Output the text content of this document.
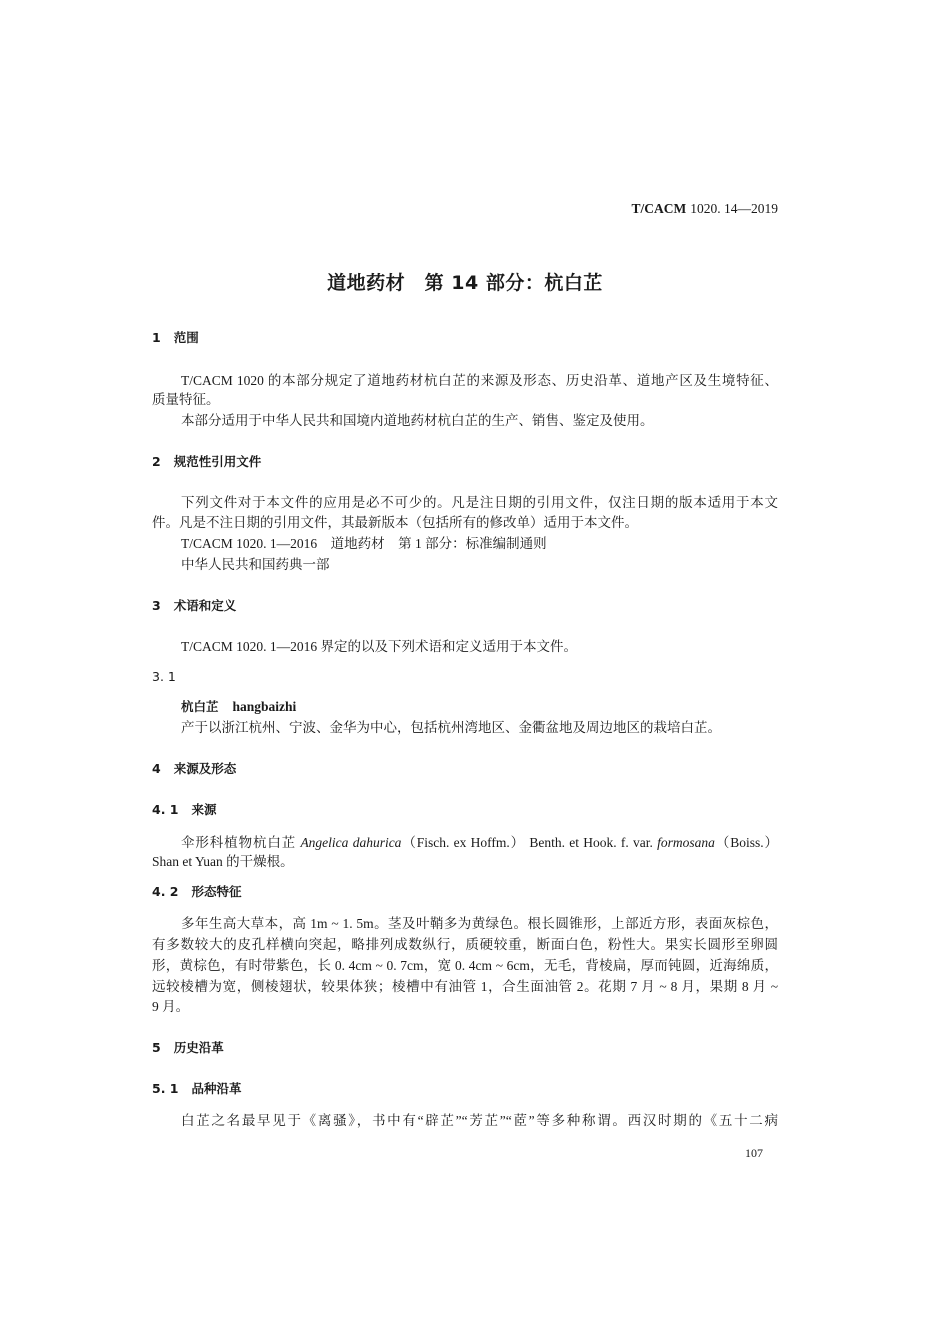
T/CACM 1020. 14—2019
道地药材　第 14 部分：杭白芷
1 范围
T/CACM 1020 的本部分规定了道地药材杭白芷的来源及形态、历史沿革、道地产区及生境特征、
质量特征。
本部分适用于中华人民共和国境内道地药材杭白芷的生产、销售、鉴定及使用。
2 规范性引用文件
下列文件对于本文件的应用是必不可少的。凡是注日期的引用文件，仅注日期的版本适用于本文
件。凡是不注日期的引用文件，其最新版本（包括所有的修改单）适用于本文件。
T/CACM 1020. 1—2016　道地药材　第 1 部分：标准编制通则
中华人民共和国药典一部
3 术语和定义
T/CACM 1020. 1—2016 界定的以及下列术语和定义适用于本文件。
3. 1
杭白芷 hangbaizhi
产于以浙江杭州、宁波、金华为中心，包括杭州湾地区、金衢盆地及周边地区的栽培白芷。
4 来源及形态
4. 1 来源
伞形科植物杭白芷 Angelica dahurica（Fisch. ex Hoffm.） Benth. et Hook. f. var. formosana（Boiss.）
Shan et Yuan 的干燥根。
4. 2 形态特征
多年生高大草本，高 1m ~ 1. 5m。茎及叶鞘多为黄绿色。根长圆锥形，上部近方形，表面灰棕色，
有多数较大的皮孔样横向突起，略排列成数纵行，质硬较重，断面白色，粉性大。果实长圆形至卵圆
形，黄棕色，有时带紫色，长 0. 4cm ~ 0. 7cm，宽 0. 4cm ~ 6cm，无毛，背棱扁，厚而钝圆，近海绵质，
远较棱槽为宽，侧棱翅状，较果体狭；棱槽中有油管 1，合生面油管 2。花期 7 月 ~ 8 月，果期 8 月 ~
9 月。
5 历史沿革
5. 1 品种沿革
白芷之名最早见于《离骚》，书中有“辟芷”“芳芷”“茝”等多种称谓。西汉时期的《五十二病
107
